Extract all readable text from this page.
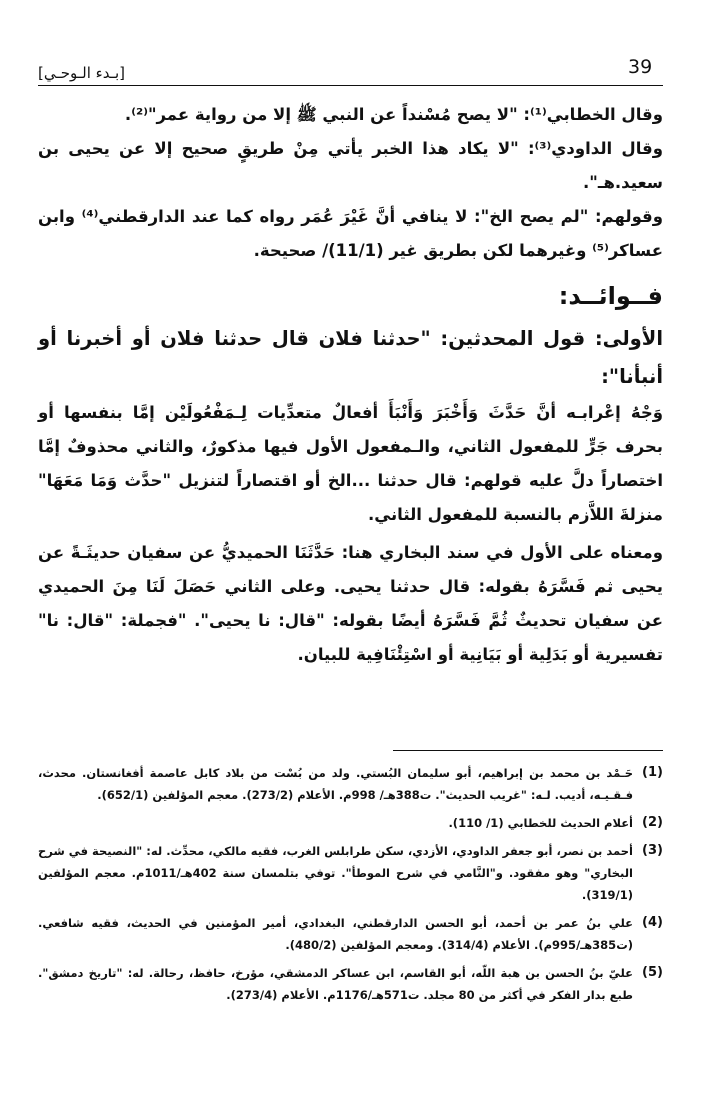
39
[بـدء الـوحـي]

وقال الخطابي⁽¹⁾: "لا يصح مُسْنداً عن النبي ﷺ إلا من رواية عمر"⁽²⁾.

وقال الداودي⁽³⁾: "لا يكاد هذا الخبر يأتي مِنْ طريقٍ صحيح إلا عن يحيى بن سعيد.هـ".

وقولهم: "لم يصح الخ": لا ينافي أنَّ غَيْرَ عُمَر رواه كما عند الدارقطني⁽⁴⁾ وابن عساكر⁽⁵⁾ وغيرهما لكن بطريق غير (11/1)/ صحيحة.

فــوائــد:

الأولى: قول المحدثين: "حدثنا فلان قال حدثنا فلان أو أخبرنا أو أنبأنا":

وَجْهُ إعْرابـه أنَّ حَدَّثَ وَأَخْبَرَ وَأَنْبَأَ أفعالٌ متعدِّيات لِـمَفْعُولَيْن إمَّا بنفسها أو بحرف جَرٍّ للمفعول الثاني، والـمفعول الأول فيها مذكورٌ، والثاني محذوفٌ إمَّا اختصاراً دلَّ عليه قولهم: قال حدثنا ...الخ أو اقتصاراً لتنزيل "حدَّث وَمَا مَعَهَا" منزلةَ اللاَّزم بالنسبة للمفعول الثاني.

ومعناه على الأول في سند البخاري هنا: حَدَّثَنَا الحميديُّ عن سفيان حديثَـةً عن يحيى ثم فَسَّرَهُ بقوله: قال حدثنا يحيى. وعلى الثاني حَصَلَ لَنَا مِنَ الحميدي عن سفيان تحديثٌ ثُمَّ فَسَّرَهُ أيضًا بقوله: "قال: نا يحيى". "فجملة: "قال: نا" تفسيرية أو بَدَلِية أو بَيَانِية أو اسْتِئْنَافِية للبيان.

(1)
حَـمْد بن محمد بن إبراهيم، أبو سليمان البُستي. ولد من بُسْت من بلاد كابل عاصمة أفغانستان. محدث، فـقـيـه، أديب. لـه: "غريب الحديث". ت388هـ/ 998م. الأعلام (273/2). معجم المؤلفين (652/1).
(2)
أعلام الحديث للخطابي (1/ 110).
(3)
أحمد بن نصر، أبو جعفر الداودي، الأزدي، سكن طرابلس الغرب، فقيه مالكي، محدِّث. له: "النصيحة في شرح البخاري" وهو مفقود. و"النَّامي في شرح الموطأ". توفي بتلمسان سنة 402هـ/1011م. معجم المؤلفين (319/1).
(4)
علي بنُ عمر بن أحمد، أبو الحسن الدارقطني، البغدادي، أمير المؤمنين في الحديث، فقيه شافعي. (ت385هـ/995م). الأعلام (314/4). ومعجم المؤلفين (480/2).
(5)
عليّ بنُ الحسن بن هبة اللّه، أبو القاسم، ابن عساكر الدمشقي، مؤرخ، حافظ، رحالة. له: "تاريخ دمشق". طبع بدار الفكر في أكثر من 80 مجلد. ت571هـ/1176م. الأعلام (273/4).
